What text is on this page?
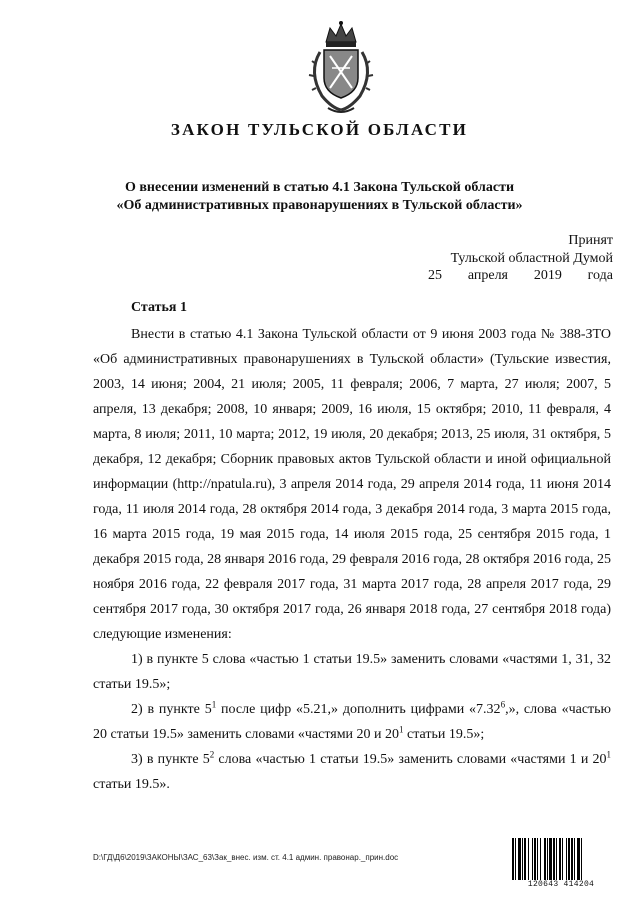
ЗАКОН ТУЛЬСКОЙ ОБЛАСТИ
О внесении изменений в статью 4.1 Закона Тульской области
«Об административных правонарушениях в Тульской области»
Принят
Тульской областной Думой
25 апреля 2019 года
Статья 1

Внести в статью 4.1 Закона Тульской области от 9 июня 2003 года № 388-ЗТО «Об административных правонарушениях в Тульской области» (Тульские известия, 2003, 14 июня; 2004, 21 июля; 2005, 11 февраля; 2006, 7 марта, 27 июля; 2007, 5 апреля, 13 декабря; 2008, 10 января; 2009, 16 июля, 15 октября; 2010, 11 февраля, 4 марта, 8 июля; 2011, 10 марта; 2012, 19 июля, 20 декабря; 2013, 25 июля, 31 октября, 5 декабря, 12 декабря; Сборник правовых актов Тульской области и иной официальной информации (http://npatula.ru), 3 апреля 2014 года, 29 апреля 2014 года, 11 июня 2014 года, 11 июля 2014 года, 28 октября 2014 года, 3 декабря 2014 года, 3 марта 2015 года, 16 марта 2015 года, 19 мая 2015 года, 14 июля 2015 года, 25 сентября 2015 года, 1 декабря 2015 года, 28 января 2016 года, 29 февраля 2016 года, 28 октября 2016 года, 25 ноября 2016 года, 22 февраля 2017 года, 31 марта 2017 года, 28 апреля 2017 года, 29 сентября 2017 года, 30 октября 2017 года, 26 января 2018 года, 27 сентября 2018 года) следующие изменения:

1) в пункте 5 слова «частью 1 статьи 19.5» заменить словами «частями 1, 31, 32 статьи 19.5»;

2) в пункте $5^1$ после цифр «5.21,» дополнить цифрами «7.32$^6$,», слова «частью 20 статьи 19.5» заменить словами «частями 20 и $20^1$ статьи 19.5»;

3) в пункте $5^2$ слова «частью 1 статьи 19.5» заменить словами «частями 1 и $20^1$ статьи 19.5».

D:\ГД\Д6\2019\ЗАКОНЫ\ЗАС_63\Зак_внес. изм. ст. 4.1 админ. правонар._прин.doc
120643 414204
